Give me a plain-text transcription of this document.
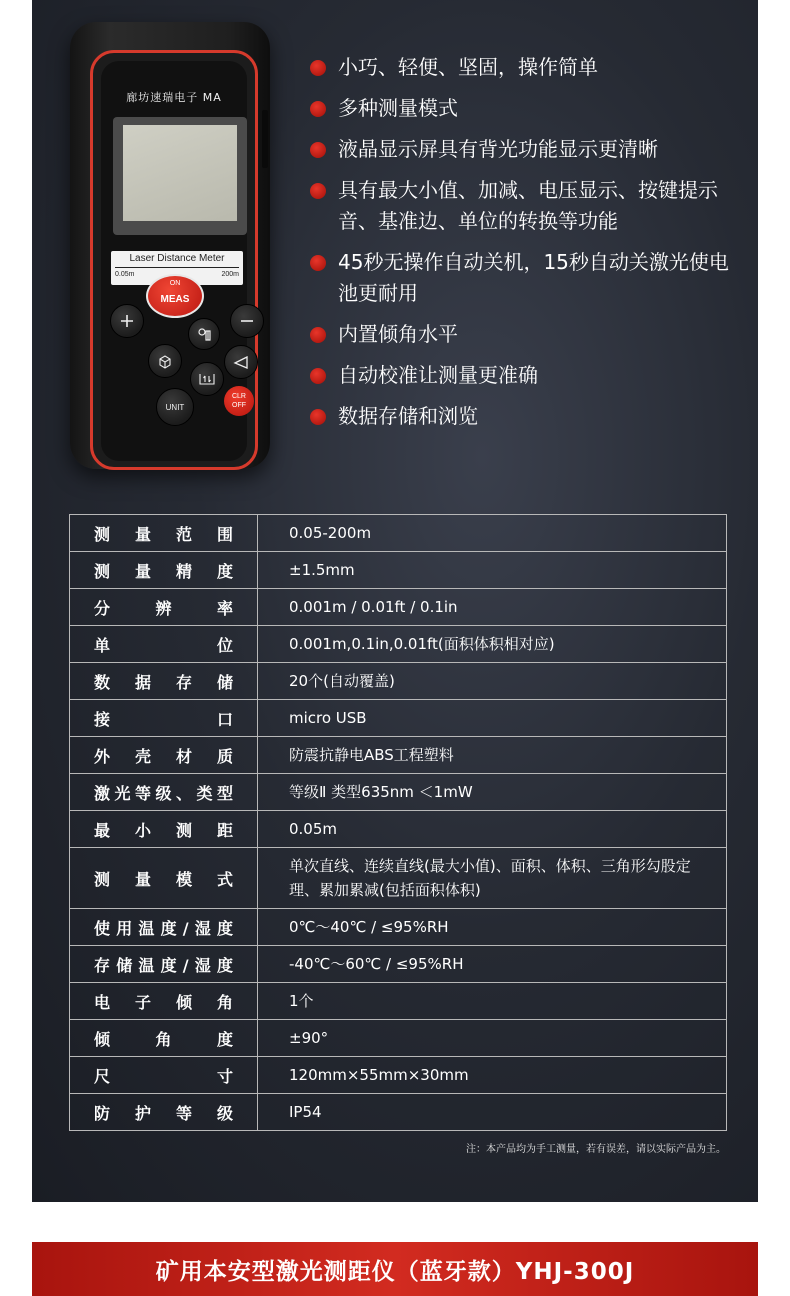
廊坊速瑞电子 MA
Laser Distance Meter
0.05m	200m
ON
MEAS
UNIT
CLR
OFF
小巧、轻便、坚固，操作简单
多种测量模式
液晶显示屏具有背光功能显示更清晰
具有最大小值、加减、电压显示、按键提示音、基准边、单位的转换等功能
45秒无操作自动关机，15秒自动关激光使电池更耐用
内置倾角水平
自动校准让测量更准确
数据存储和浏览
测量范围	0.05-200m
测量精度	±1.5mm
分辨率	0.001m / 0.01ft / 0.1in
单位	0.001m,0.1in,0.01ft(面积体积相对应)
数据存储	20个(自动覆盖)
接口	micro USB
外壳材质	防震抗静电ABS工程塑料
激光等级、类型	等级Ⅱ 类型635nm ＜1mW
最小测距	0.05m
测量模式	单次直线、连续直线(最大小值)、面积、体积、三角形勾股定理、累加累减(包括面积体积)
使用温度/湿度	0℃～40℃ / ≤95%RH
存储温度/湿度	-40℃～60℃ / ≤95%RH
电子倾角	1个
倾角度	±90°
尺寸	120mm×55mm×30mm
防护等级	IP54
注：本产品均为手工测量，若有误差，请以实际产品为主。
矿用本安型激光测距仪（蓝牙款）YHJ-300J
